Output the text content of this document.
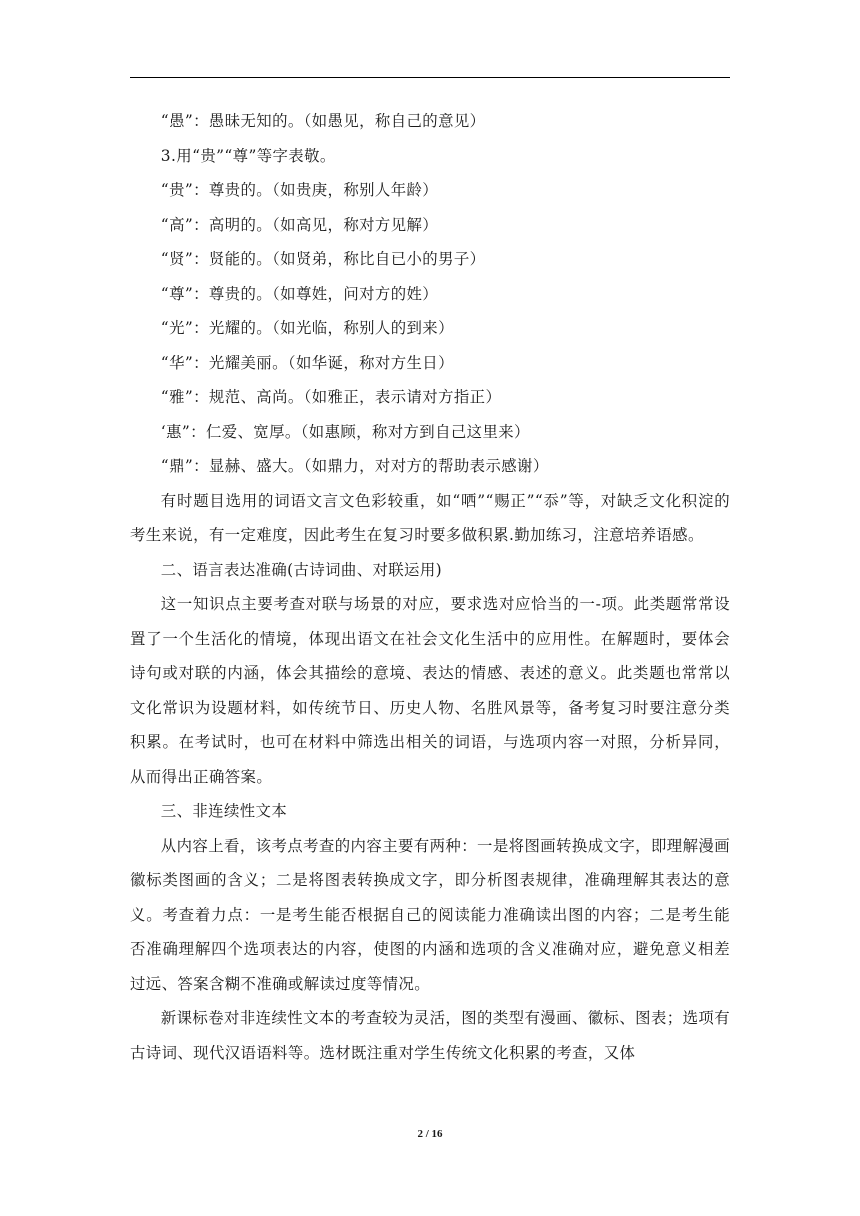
“愚”：愚昧无知的。（如愚见，称自己的意见）

3.用“贵”“尊”等字表敬。

“贵”：尊贵的。（如贵庚，称别人年龄）

“高”：高明的。（如高见，称对方见解）

“贤”：贤能的。（如贤弟，称比自已小的男子）

“尊”：尊贵的。（如尊姓，问对方的姓）

“光”：光耀的。（如光临，称别人的到来）

“华”：光耀美丽。（如华诞，称对方生日）

“雅”：规范、高尚。（如雅正，表示请对方指正）

‘惠”：仁爱、宽厚。（如惠顾，称对方到自己这里来）

“鼎”：显赫、盛大。（如鼎力，对对方的帮助表示感谢）

有时题目选用的词语文言文色彩较重，如“哂”“赐正”“忝”等，对缺乏文化积淀的考生来说，有一定难度，因此考生在复习时要多做积累.勤加练习，注意培养语感。

二、语言表达准确(古诗词曲、对联运用)

这一知识点主要考查对联与场景的对应，要求选对应恰当的一-项。此类题常常设置了一个生活化的情境，体现出语文在社会文化生活中的应用性。在解题时，要体会诗句或对联的内涵，体会其描绘的意境、表达的情感、表述的意义。此类题也常常以文化常识为设题材料，如传统节日、历史人物、名胜风景等，备考复习时要注意分类积累。在考试时，也可在材料中筛选出相关的词语，与选项内容一对照，分析异同，从而得出正确答案。

三、非连续性文本

从内容上看，该考点考查的内容主要有两种：一是将图画转换成文字，即理解漫画徽标类图画的含义；二是将图表转换成文字，即分析图表规律，准确理解其表达的意义。考查着力点：一是考生能否根据自己的阅读能力准确读出图的内容；二是考生能否准确理解四个选项表达的内容，使图的内涵和选项的含义准确对应，避免意义相差过远、答案含糊不准确或解读过度等情况。

新课标卷对非连续性文本的考查较为灵活，图的类型有漫画、徽标、图表；选项有古诗词、现代汉语语料等。选材既注重对学生传统文化积累的考查，又体

2 / 16
